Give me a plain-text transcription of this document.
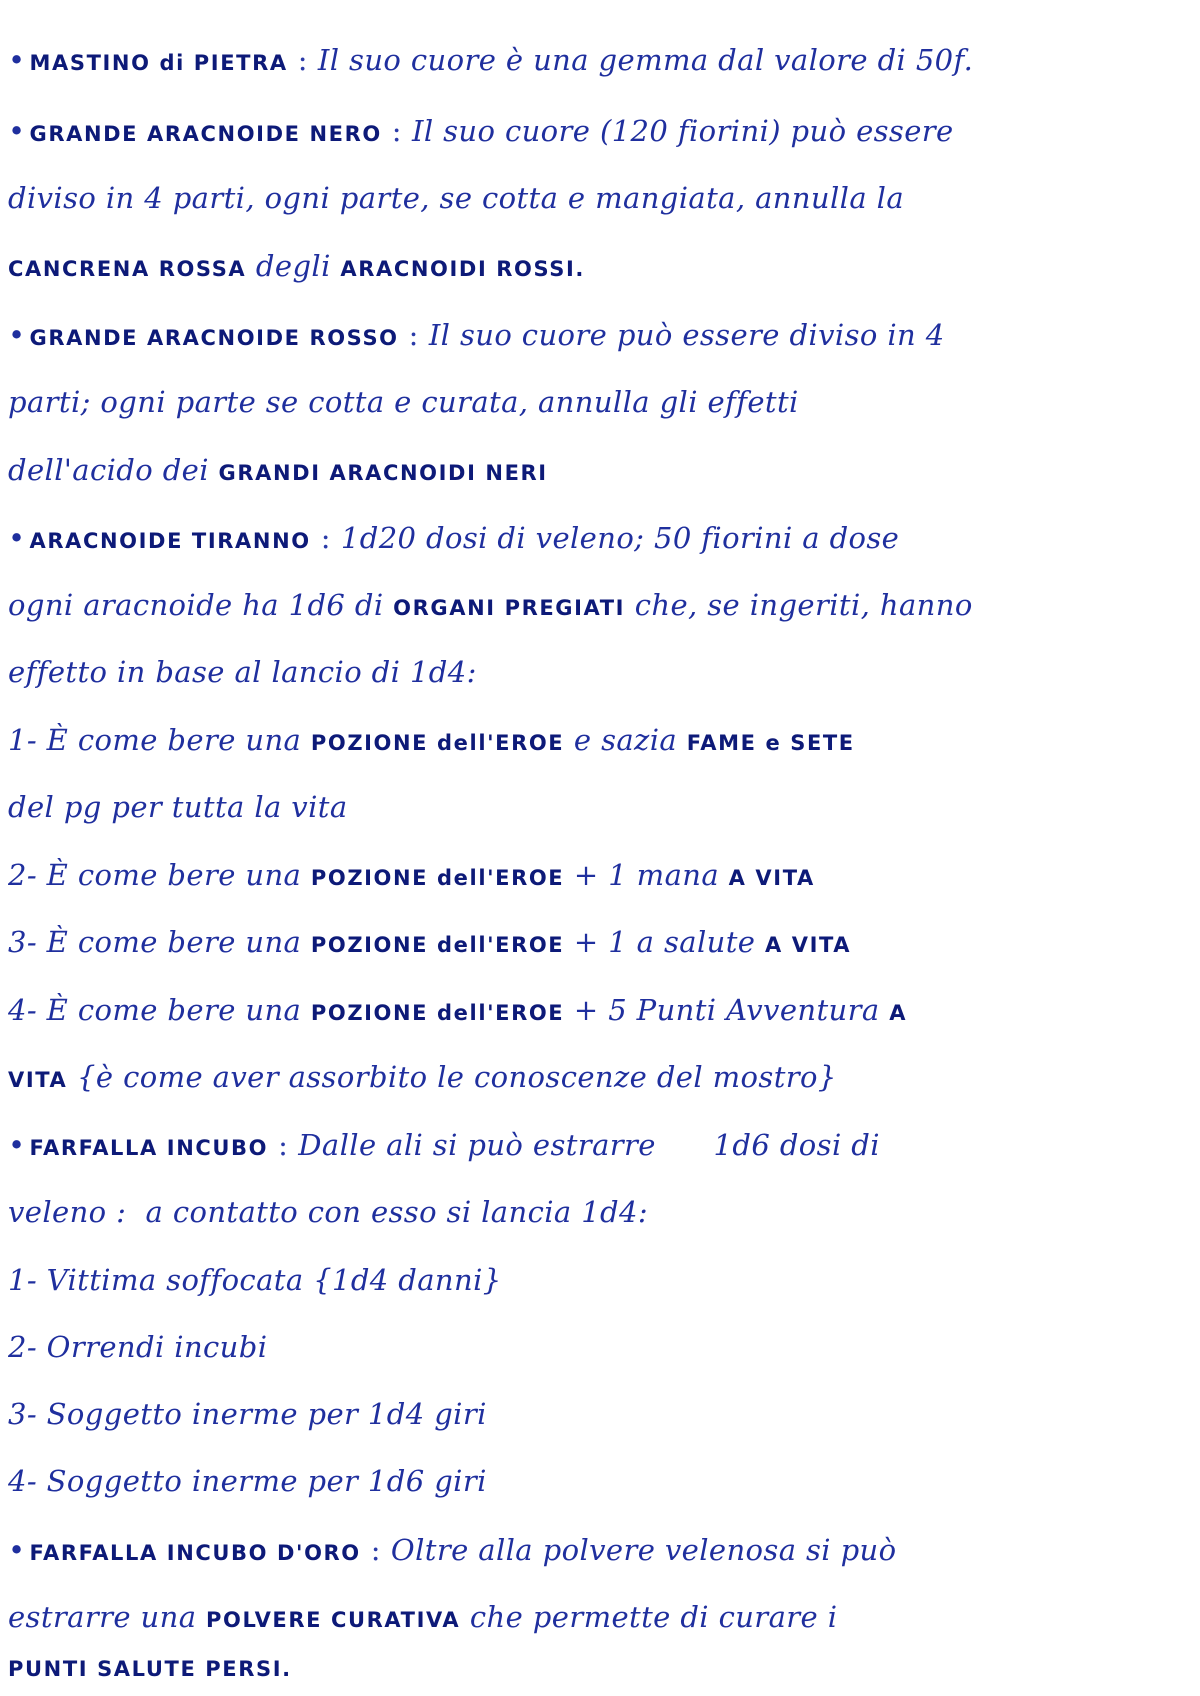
• MASTINO di PIETRA : Il suo cuore è una gemma dal valore di 50f.
• GRANDE ARACNOIDE NERO : Il suo cuore (120 fiorini) può essere
diviso in 4 parti, ogni parte, se cotta e mangiata, annulla la
CANCRENA ROSSA degli ARACNOIDI ROSSI.
• GRANDE ARACNOIDE ROSSO : Il suo cuore può essere diviso in 4
parti; ogni parte se cotta e curata, annulla gli effetti
dell'acido dei GRANDI ARACNOIDI NERI
• ARACNOIDE TIRANNO : 1d20 dosi di veleno; 50 fiorini a dose
ogni aracnoide ha 1d6 di ORGANI PREGIATI che, se ingeriti, hanno
effetto in base al lancio di 1d4:
1- È come bere una POZIONE dell'EROE e sazia FAME e SETE
del pg per tutta la vita
2- È come bere una POZIONE dell'EROE + 1 mana A VITA
3- È come bere una POZIONE dell'EROE + 1 a salute A VITA
4- È come bere una POZIONE dell'EROE + 5 Punti Avventura A
VITA {è come aver assorbito le conoscenze del mostro}
• FARFALLA INCUBO : Dalle ali si può estrarre      1d6 dosi di
veleno :  a contatto con esso si lancia 1d4:
1- Vittima soffocata {1d4 danni}
2- Orrendi incubi
3- Soggetto inerme per 1d4 giri
4- Soggetto inerme per 1d6 giri
• FARFALLA INCUBO D'ORO : Oltre alla polvere velenosa si può
estrarre una POLVERE CURATIVA che permette di curare i
PUNTI SALUTE PERSI.
